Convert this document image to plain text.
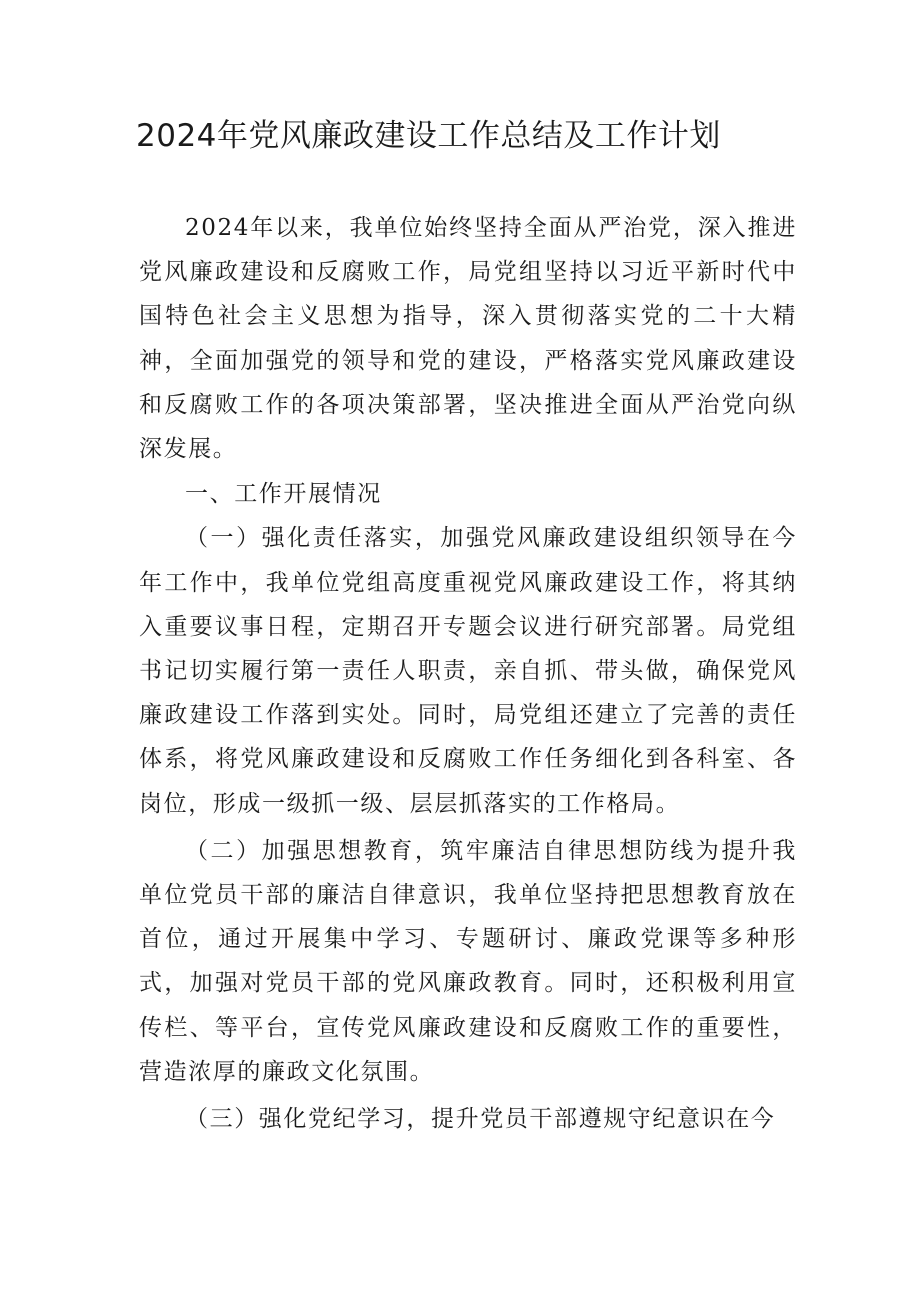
2024年党风廉政建设工作总结及工作计划

2024年以来，我单位始终坚持全面从严治党，深入推进党风廉政建设和反腐败工作，局党组坚持以习近平新时代中国特色社会主义思想为指导，深入贯彻落实党的二十大精神，全面加强党的领导和党的建设，严格落实党风廉政建设和反腐败工作的各项决策部署，坚决推进全面从严治党向纵深发展。

一、工作开展情况

（一）强化责任落实，加强党风廉政建设组织领导在今年工作中，我单位党组高度重视党风廉政建设工作，将其纳入重要议事日程，定期召开专题会议进行研究部署。局党组书记切实履行第一责任人职责，亲自抓、带头做，确保党风廉政建设工作落到实处。同时，局党组还建立了完善的责任体系，将党风廉政建设和反腐败工作任务细化到各科室、各岗位，形成一级抓一级、层层抓落实的工作格局。

（二）加强思想教育，筑牢廉洁自律思想防线为提升我单位党员干部的廉洁自律意识，我单位坚持把思想教育放在首位，通过开展集中学习、专题研讨、廉政党课等多种形式，加强对党员干部的党风廉政教育。同时，还积极利用宣传栏、等平台，宣传党风廉政建设和反腐败工作的重要性，营造浓厚的廉政文化氛围。

（三）强化党纪学习，提升党员干部遵规守纪意识在今
